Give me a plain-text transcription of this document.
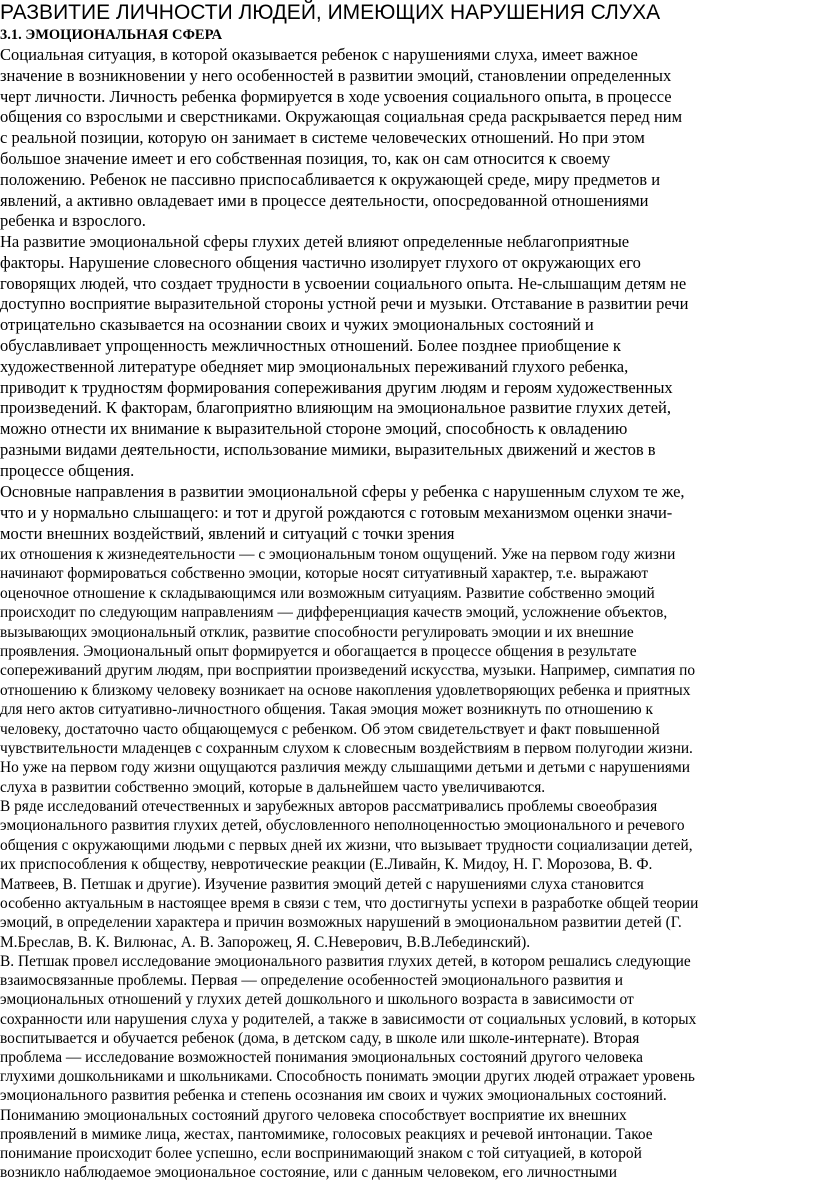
РАЗВИТИЕ ЛИЧНОСТИ ЛЮДЕЙ, ИМЕЮЩИХ НАРУШЕНИЯ СЛУХА
3.1. ЭМОЦИОНАЛЬНАЯ СФЕРА
Социальная ситуация, в которой оказывается ребенок с нарушениями слуха, имеет важное
значение в возникновении у него особенностей в развитии эмоций, становлении определенных
черт личности. Личность ребенка формируется в ходе усвоения социального опыта, в процессе
общения со взрослыми и сверстниками. Окружающая социальная среда раскрывается перед ним
с реальной позиции, которую он занимает в системе человеческих отношений. Но при этом
большое значение имеет и его собственная позиция, то, как он сам относится к своему
положению. Ребенок не пассивно приспосабливается к окружающей среде, миру предметов и
явлений, а активно овладевает ими в процессе деятельности, опосредованной отношениями
ребенка и взрослого.
На развитие эмоциональной сферы глухих детей влияют определенные неблагоприятные
факторы. Нарушение словесного общения частично изолирует глухого от окружающих его
говорящих людей, что создает трудности в усвоении социального опыта. Не-слышащим детям не
доступно восприятие выразительной стороны устной речи и музыки. Отставание в развитии речи
отрицательно сказывается на осознании своих и чужих эмоциональных состояний и
обуславливает упрощенность межличностных отношений. Более позднее приобщение к
художественной литературе обедняет мир эмоциональных переживаний глухого ребенка,
приводит к трудностям формирования сопереживания другим людям и героям художественных
произведений. К факторам, благоприятно влияющим на эмоциональное развитие глухих детей,
можно отнести их внимание к выразительной стороне эмоций, способность к овладению
разными видами деятельности, использование мимики, выразительных движений и жестов в
процессе общения.
Основные направления в развитии эмоциональной сферы у ребенка с нарушенным слухом те же,
что и у нормально слышащего: и тот и другой рождаются с готовым механизмом оценки значи-
мости внешних воздействий, явлений и ситуаций с точки зрения
их отношения к жизнедеятельности — с эмоциональным тоном ощущений. Уже на первом году жизни
начинают формироваться собственно эмоции, которые носят ситуативный характер, т.е. выражают
оценочное отношение к складывающимся или возможным ситуациям. Развитие собственно эмоций
происходит по следующим направлениям — дифференциация качеств эмоций, усложнение объектов,
вызывающих эмоциональный отклик, развитие способности регулировать эмоции и их внешние
проявления. Эмоциональный опыт формируется и обогащается в процессе общения в результате
сопереживаний другим людям, при восприятии произведений искусства, музыки. Например, симпатия по
отношению к близкому человеку возникает на основе накопления удовлетворяющих ребенка и приятных
для него актов ситуативно-личностного общения. Такая эмоция может возникнуть по отношению к
человеку, достаточно часто общающемуся с ребенком. Об этом свидетельствует и факт повышенной
чувствительности младенцев с сохранным слухом к словесным воздействиям в первом полугодии жизни.
Но уже на первом году жизни ощущаются различия между слышащими детьми и детьми с нарушениями
слуха в развитии собственно эмоций, которые в дальнейшем часто увеличиваются.
В ряде исследований отечественных и зарубежных авторов рассматривались проблемы своеобразия
эмоционального развития глухих детей, обусловленного неполноценностью эмоционального и речевого
общения с окружающими людьми с первых дней их жизни, что вызывает трудности социализации детей,
их приспособления к обществу, невротические реакции (Е.Ливайн, К. Мидоу, Н. Г. Морозова, В. Ф.
Матвеев, В. Петшак и другие). Изучение развития эмоций детей с нарушениями слуха становится
особенно актуальным в настоящее время в связи с тем, что достигнуты успехи в разработке общей теории
эмоций, в определении характера и причин возможных нарушений в эмоциональном развитии детей (Г.
М.Бреслав, В. К. Вилюнас, А. В. Запорожец, Я. С.Неверович, В.В.Лебединский).
В. Петшак провел исследование эмоционального развития глухих детей, в котором решались следующие
взаимосвязанные проблемы. Первая — определение особенностей эмоционального развития и
эмоциональных отношений у глухих детей дошкольного и школьного возраста в зависимости от
сохранности или нарушения слуха у родителей, а также в зависимости от социальных условий, в которых
воспитывается и обучается ребенок (дома, в детском саду, в школе или школе-интернате). Вторая
проблема — исследование возможностей понимания эмоциональных состояний другого человека
глухими дошкольниками и школьниками. Способность понимать эмоции других людей отражает уровень
эмоционального развития ребенка и степень осознания им своих и чужих эмоциональных состояний.
Пониманию эмоциональных состояний другого человека способствует восприятие их внешних
проявлений в мимике лица, жестах, пантомимике, голосовых реакциях и речевой интонации. Такое
понимание происходит более успешно, если воспринимающий знаком с той ситуацией, в которой
возникло наблюдаемое эмоциональное состояние, или с данным человеком, его личностными
